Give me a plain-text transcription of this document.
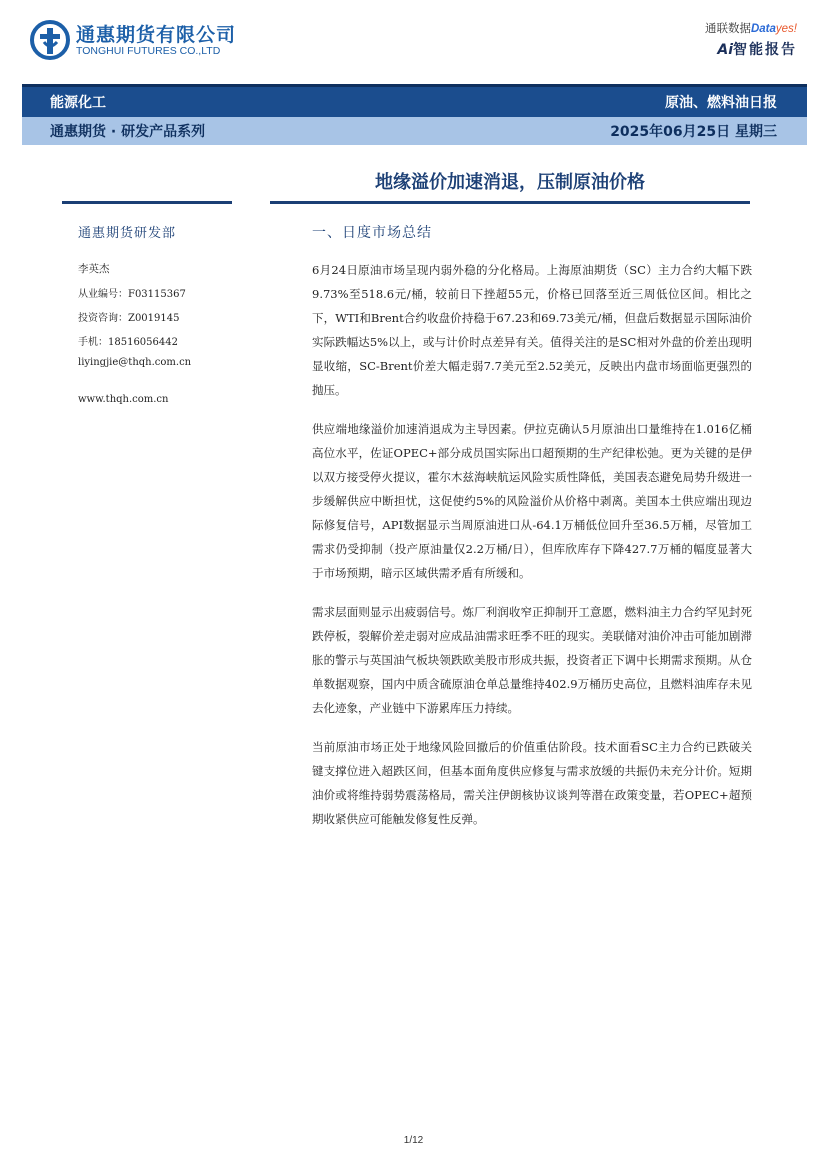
通惠期货有限公司
TONGHUI FUTURES CO.,LTD
通联数据Datayes!
Ai智能报告
能源化工	原油、燃料油日报
通惠期货 · 研发产品系列	2025年06月25日 星期三
地缘溢价加速消退，压制原油价格
通惠期货研发部
李英杰
从业编号：F03115367
投资咨询：Z0019145
手机：18516056442
liyingjie@thqh.com.cn
www.thqh.com.cn
一、日度市场总结

6月24日原油市场呈现内弱外稳的分化格局。上海原油期货（SC）主力合约大幅下跌9.73%至518.6元/桶，较前日下挫超55元，价格已回落至近三周低位区间。相比之下，WTI和Brent合约收盘价持稳于67.23和69.73美元/桶，但盘后数据显示国际油价实际跌幅达5%以上，或与计价时点差异有关。值得关注的是SC相对外盘的价差出现明显收缩，SC-Brent价差大幅走弱7.7美元至2.52美元，反映出内盘市场面临更强烈的抛压。

供应端地缘溢价加速消退成为主导因素。伊拉克确认5月原油出口量维持在1.016亿桶高位水平，佐证OPEC+部分成员国实际出口超预期的生产纪律松弛。更为关键的是伊以双方接受停火提议，霍尔木兹海峡航运风险实质性降低，美国表态避免局势升级进一步缓解供应中断担忧，这促使约5%的风险溢价从价格中剥离。美国本土供应端出现边际修复信号，API数据显示当周原油进口从-64.1万桶低位回升至36.5万桶，尽管加工需求仍受抑制（投产原油量仅2.2万桶/日），但库欣库存下降427.7万桶的幅度显著大于市场预期，暗示区域供需矛盾有所缓和。

需求层面则显示出疲弱信号。炼厂利润收窄正抑制开工意愿，燃料油主力合约罕见封死跌停板，裂解价差走弱对应成品油需求旺季不旺的现实。美联储对油价冲击可能加剧滞胀的警示与英国油气板块领跌欧美股市形成共振，投资者正下调中长期需求预期。从仓单数据观察，国内中质含硫原油仓单总量维持402.9万桶历史高位，且燃料油库存未见去化迹象，产业链中下游累库压力持续。

当前原油市场正处于地缘风险回撤后的价值重估阶段。技术面看SC主力合约已跌破关键支撑位进入超跌区间，但基本面角度供应修复与需求放缓的共振仍未充分计价。短期油价或将维持弱势震荡格局，需关注伊朗核协议谈判等潜在政策变量，若OPEC+超预期收紧供应可能触发修复性反弹。

1/12
